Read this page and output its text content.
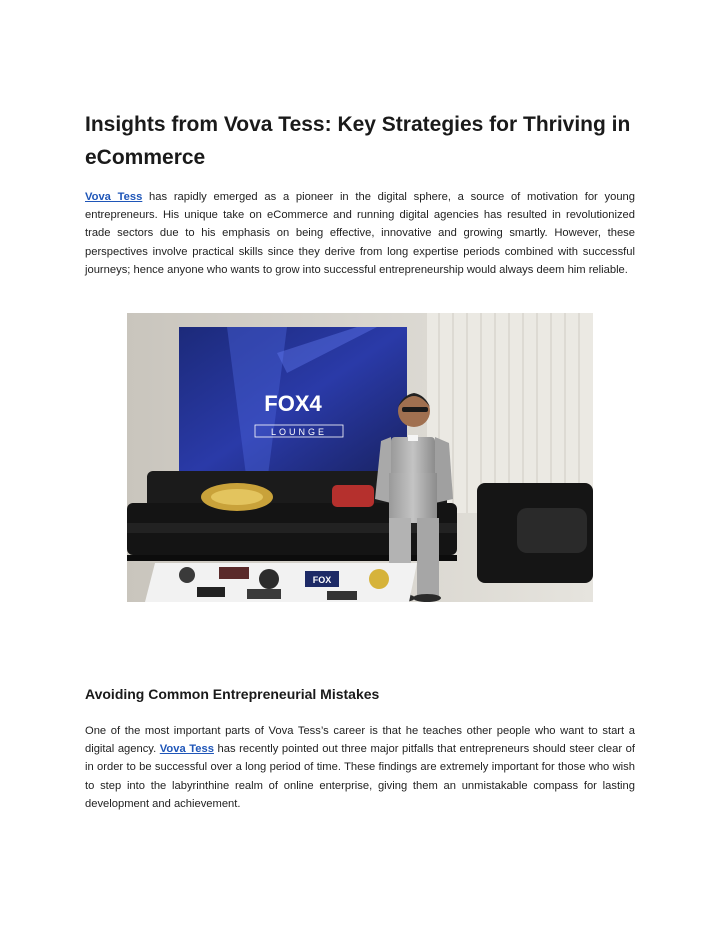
Insights from Vova Tess: Key Strategies for Thriving in eCommerce

Vova Tess has rapidly emerged as a pioneer in the digital sphere, a source of motivation for young entrepreneurs. His unique take on eCommerce and running digital agencies has resulted in revolutionized trade sectors due to his emphasis on being effective, innovative and growing smartly. However, these perspectives involve practical skills since they derive from long expertise periods combined with successful journeys; hence anyone who wants to grow into successful entrepreneurship would always deem him reliable.

FOX4
LOUNGE
FOX
Avoiding Common Entrepreneurial Mistakes

One of the most important parts of Vova Tess’s career is that he teaches other people who want to start a digital agency. Vova Tess has recently pointed out three major pitfalls that entrepreneurs should steer clear of in order to be successful over a long period of time. These findings are extremely important for those who wish to step into the labyrinthine realm of online enterprise, giving them an unmistakable compass for lasting development and achievement.
